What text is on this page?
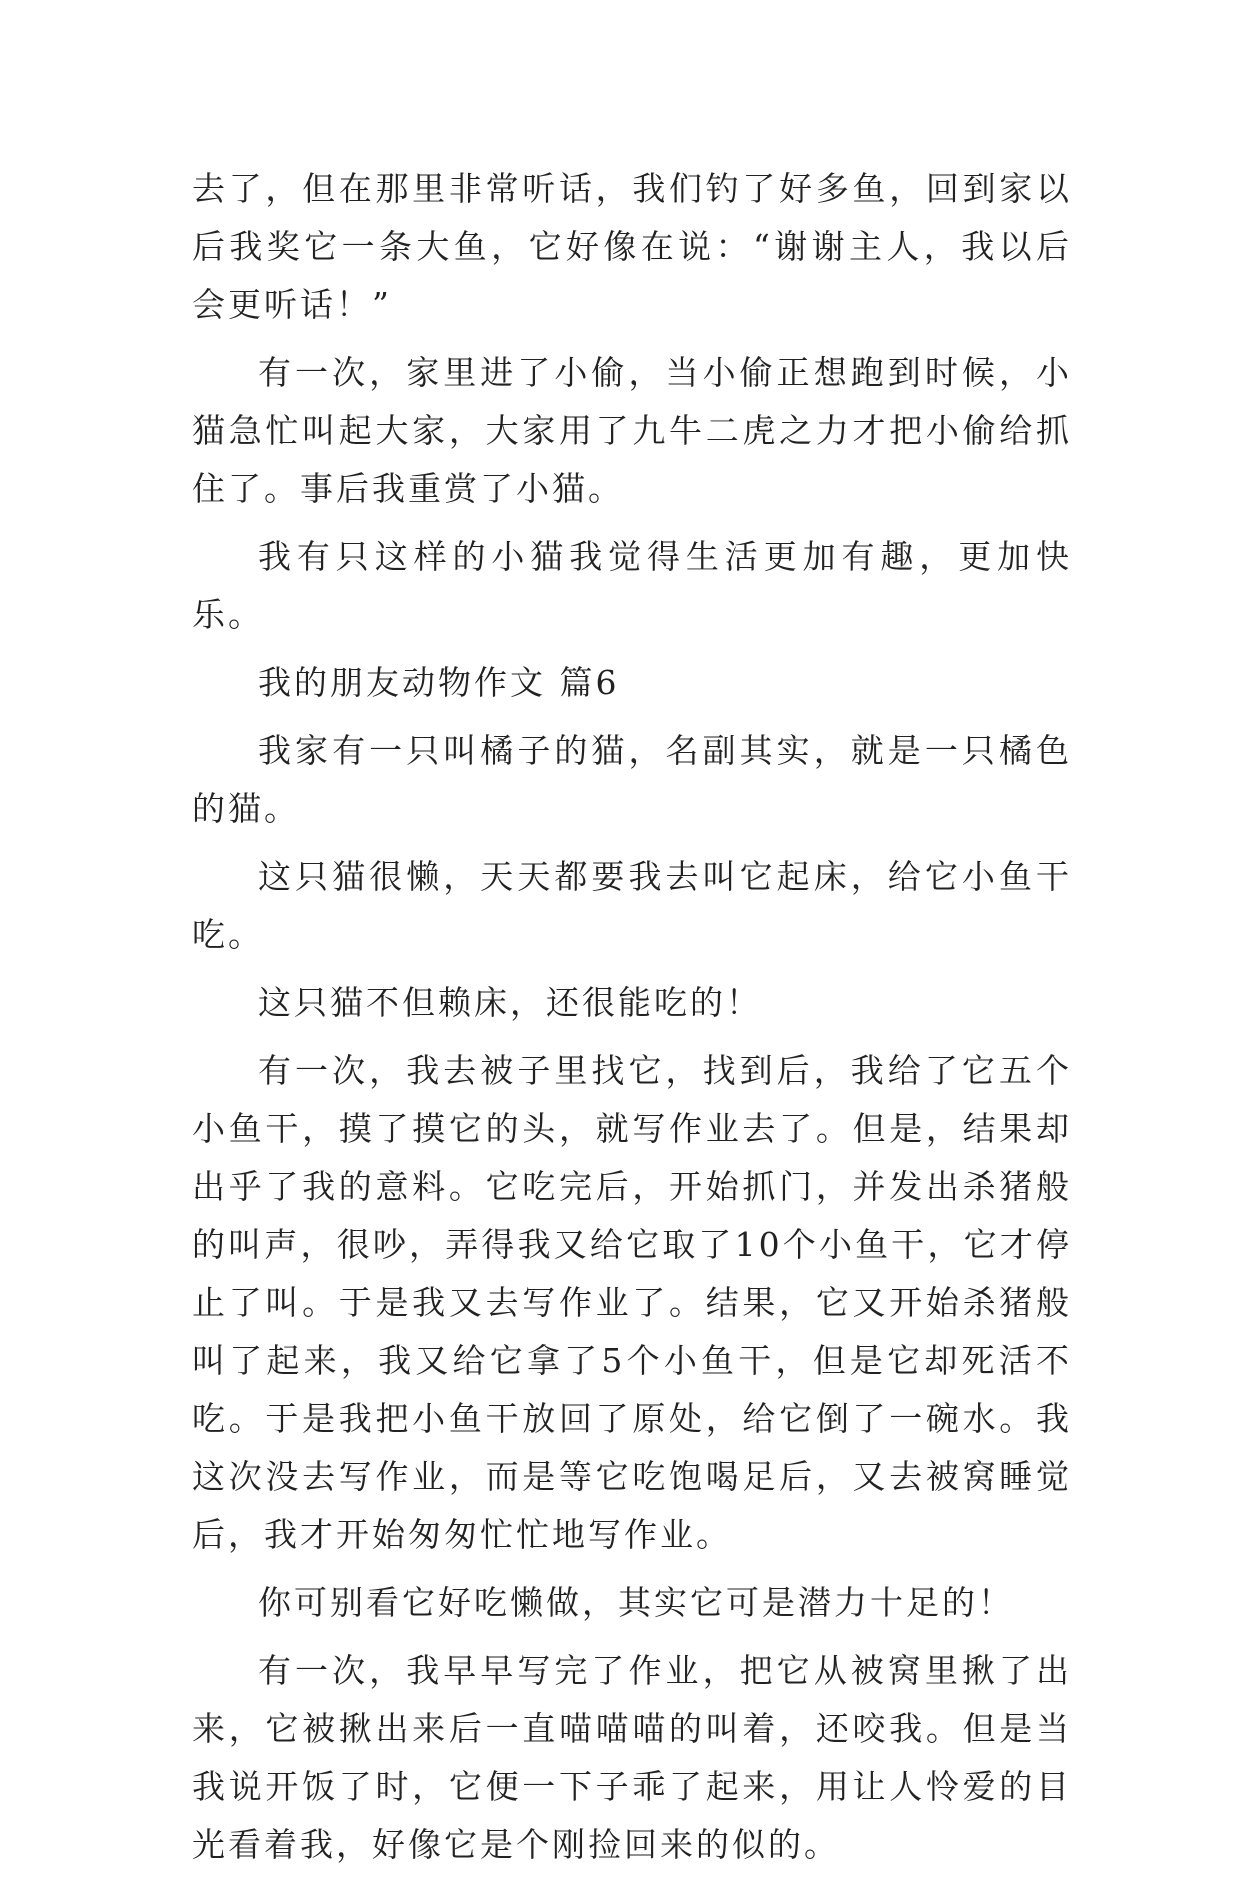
去了，但在那里非常听话，我们钓了好多鱼，回到家以后我奖它一条大鱼，它好像在说：“谢谢主人，我以后会更听话！”

有一次，家里进了小偷，当小偷正想跑到时候，小猫急忙叫起大家，大家用了九牛二虎之力才把小偷给抓住了。事后我重赏了小猫。

我有只这样的小猫我觉得生活更加有趣，更加快乐。

我的朋友动物作文 篇6

我家有一只叫橘子的猫，名副其实，就是一只橘色的猫。

这只猫很懒，天天都要我去叫它起床，给它小鱼干吃。

这只猫不但赖床，还很能吃的！

有一次，我去被子里找它，找到后，我给了它五个小鱼干，摸了摸它的头，就写作业去了。但是，结果却出乎了我的意料。它吃完后，开始抓门，并发出杀猪般的叫声，很吵，弄得我又给它取了10个小鱼干，它才停止了叫。于是我又去写作业了。结果，它又开始杀猪般叫了起来，我又给它拿了5个小鱼干，但是它却死活不吃。于是我把小鱼干放回了原处，给它倒了一碗水。我这次没去写作业，而是等它吃饱喝足后，又去被窝睡觉后，我才开始匆匆忙忙地写作业。

你可别看它好吃懒做，其实它可是潜力十足的！

有一次，我早早写完了作业，把它从被窝里揪了出来，它被揪出来后一直喵喵喵的叫着，还咬我。但是当我说开饭了时，它便一下子乖了起来，用让人怜爱的目光看着我，好像它是个刚捡回来的似的。
